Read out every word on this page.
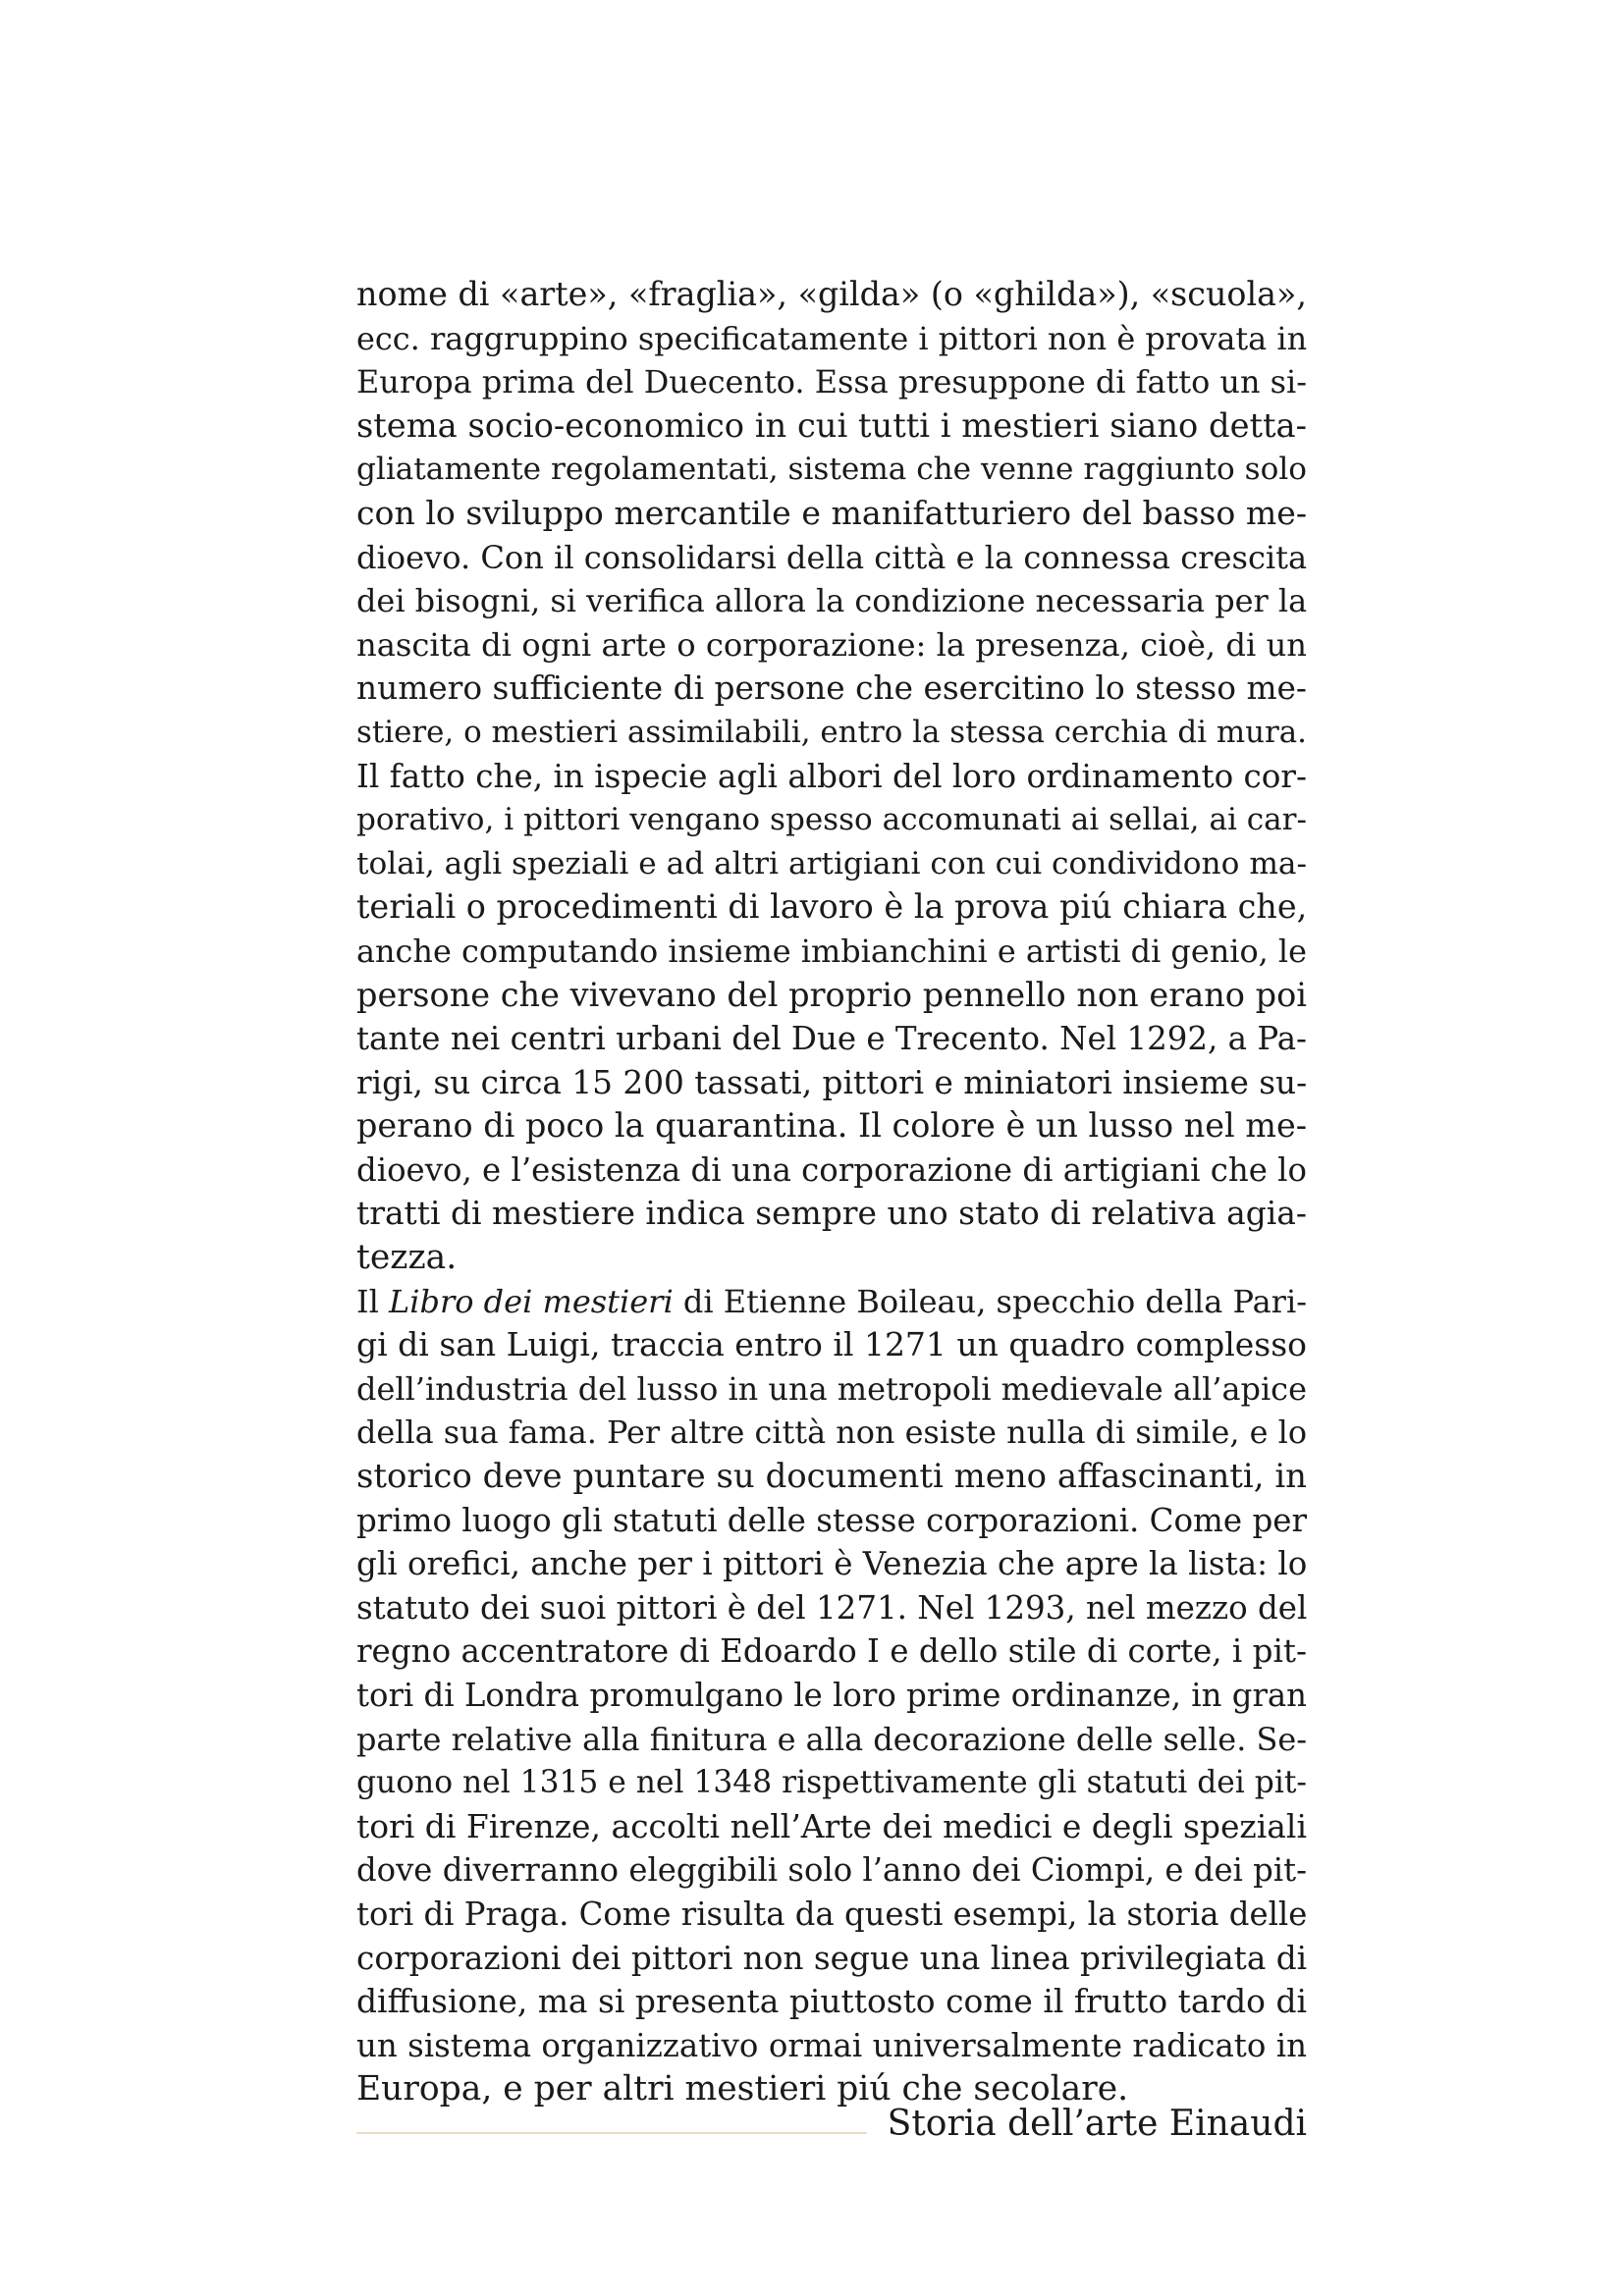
nome di «arte», «fraglia», «gilda» (o «ghilda»), «scuola»,
ecc. raggruppino specificatamente i pittori non è provata in
Europa prima del Duecento. Essa presuppone di fatto un si-
stema socio-economico in cui tutti i mestieri siano detta-
gliatamente regolamentati, sistema che venne raggiunto solo
con lo sviluppo mercantile e manifatturiero del basso me-
dioevo. Con il consolidarsi della città e la connessa crescita
dei bisogni, si verifica allora la condizione necessaria per la
nascita di ogni arte o corporazione: la presenza, cioè, di un
numero sufficiente di persone che esercitino lo stesso me-
stiere, o mestieri assimilabili, entro la stessa cerchia di mura.
Il fatto che, in ispecie agli albori del loro ordinamento cor-
porativo, i pittori vengano spesso accomunati ai sellai, ai car-
tolai, agli speziali e ad altri artigiani con cui condividono ma-
teriali o procedimenti di lavoro è la prova piú chiara che,
anche computando insieme imbianchini e artisti di genio, le
persone che vivevano del proprio pennello non erano poi
tante nei centri urbani del Due e Trecento. Nel 1292, a Pa-
rigi, su circa 15 200 tassati, pittori e miniatori insieme su-
perano di poco la quarantina. Il colore è un lusso nel me-
dioevo, e l’esistenza di una corporazione di artigiani che lo
tratti di mestiere indica sempre uno stato di relativa agia-
tezza.
Il Libro dei mestieri di Etienne Boileau, specchio della Pari-
gi di san Luigi, traccia entro il 1271 un quadro complesso
dell’industria del lusso in una metropoli medievale all’apice
della sua fama. Per altre città non esiste nulla di simile, e lo
storico deve puntare su documenti meno affascinanti, in
primo luogo gli statuti delle stesse corporazioni. Come per
gli orefici, anche per i pittori è Venezia che apre la lista: lo
statuto dei suoi pittori è del 1271. Nel 1293, nel mezzo del
regno accentratore di Edoardo I e dello stile di corte, i pit-
tori di Londra promulgano le loro prime ordinanze, in gran
parte relative alla finitura e alla decorazione delle selle. Se-
guono nel 1315 e nel 1348 rispettivamente gli statuti dei pit-
tori di Firenze, accolti nell’Arte dei medici e degli speziali
dove diverranno eleggibili solo l’anno dei Ciompi, e dei pit-
tori di Praga. Come risulta da questi esempi, la storia delle
corporazioni dei pittori non segue una linea privilegiata di
diffusione, ma si presenta piuttosto come il frutto tardo di
un sistema organizzativo ormai universalmente radicato in
Europa, e per altri mestieri piú che secolare.
Storia dell’arte Einaudi
